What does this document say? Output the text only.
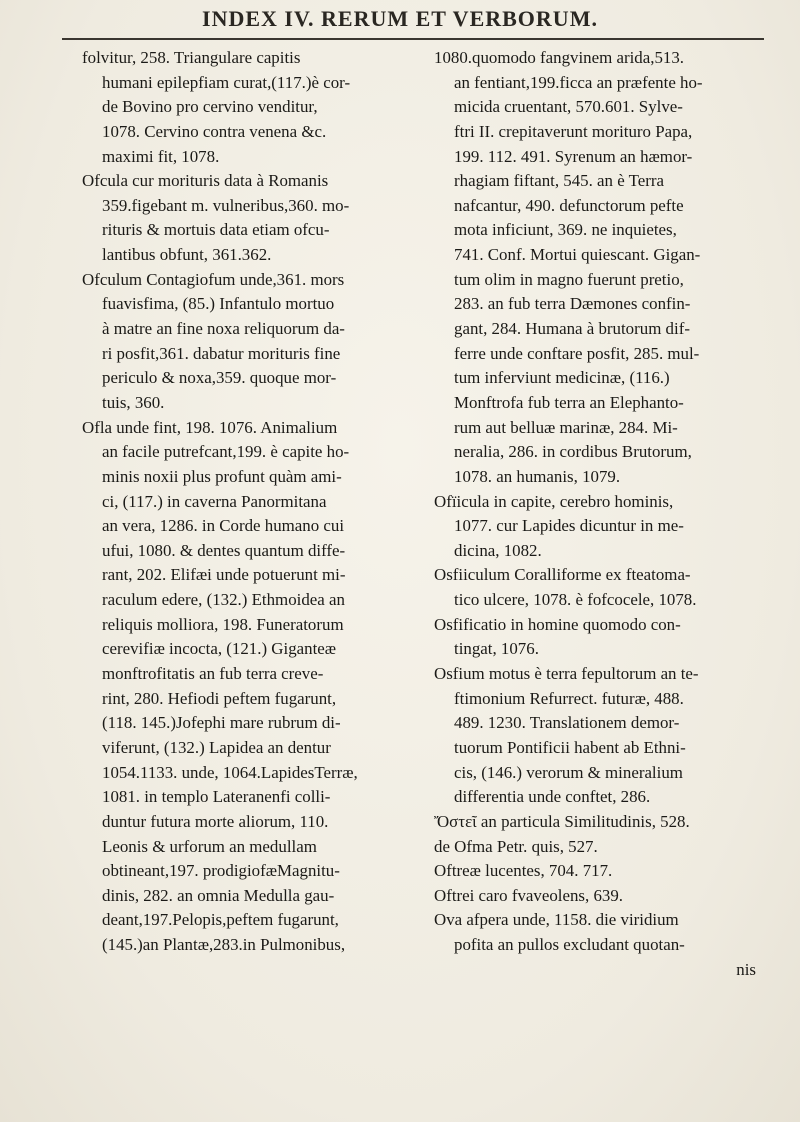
INDEX IV. RERUM ET VERBORUM.
folvitur, 258. Triangulare capitis
humani epilepfiam curat,(117.)è cor-
de Bovino pro cervino venditur,
1078. Cervino contra venena &c.
maximi fit, 1078.
Ofcula cur morituris data à Romanis
359.figebant m. vulneribus,360. mo-
rituris & mortuis data etiam ofcu-
lantibus obfunt, 361.362.
Ofculum Contagiofum unde,361. mors
fuavisfima, (85.) Infantulo mortuo
à matre an fine noxa reliquorum da-
ri posfit,361. dabatur morituris fine
periculo & noxa,359. quoque mor-
tuis, 360.
Ofla unde fint, 198. 1076. Animalium
an facile putrefcant,199. è capite ho-
minis noxii plus profunt quàm ami-
ci, (117.) in caverna Panormitana
an vera, 1286. in Corde humano cui
ufui, 1080. & dentes quantum diffe-
rant, 202. Elifæi unde potuerunt mi-
raculum edere, (132.) Ethmoidea an
reliquis molliora, 198. Funeratorum
cerevifiæ incocta, (121.) Giganteæ
monftrofitatis an fub terra creve-
rint, 280. Hefiodi peftem fugarunt,
(118. 145.)Jofephi mare rubrum di-
viferunt, (132.) Lapidea an dentur
1054.1133. unde, 1064.LapidesTerræ,
1081. in templo Lateranenfi colli-
duntur futura morte aliorum, 110.
Leonis & urforum an medullam
obtineant,197. prodigiofæMagnitu-
dinis, 282. an omnia Medulla gau-
deant,197.Pelopis,peftem fugarunt,
(145.)an Plantæ,283.in Pulmonibus,
1080.quomodo fangvinem arida,513.
an fentiant,199.ficca an præfente ho-
micida cruentant, 570.601. Sylve-
ftri II. crepitaverunt morituro Papa,
199. 112. 491. Syrenum an hæmor-
rhagiam fiftant, 545. an è Terra
nafcantur, 490. defunctorum pefte
mota inficiunt, 369. ne inquietes,
741. Conf. Mortui quiescant. Gigan-
tum olim in magno fuerunt pretio,
283. an fub terra Dæmones confin-
gant, 284. Humana à brutorum dif-
ferre unde conftare posfit, 285. mul-
tum inferviunt medicinæ, (116.)
Monftrofa fub terra an Elephanto-
rum aut belluæ marinæ, 284. Mi-
neralia, 286. in cordibus Brutorum,
1078. an humanis, 1079.
Ofïicula in capite, cerebro hominis,
1077. cur Lapides dicuntur in me-
dicina, 1082.
Osfiiculum Coralliforme ex fteatoma-
tico ulcere, 1078. è fofcocele, 1078.
Osfificatio in homine quomodo con-
tingat, 1076.
Osfium motus è terra fepultorum an te-
ftimonium Refurrect. futuræ, 488.
489. 1230. Translationem demor-
tuorum Pontificii habent ab Ethni-
cis, (146.) verorum & mineralium
differentia unde conftet, 286.
Ὄστεῖ an particula Similitudinis, 528.
de Ofma Petr. quis, 527.
Oftreæ lucentes, 704. 717.
Oftrei caro fvaveolens, 639.
Ova afpera unde, 1158. die viridium
pofita an pullos excludant quotan-
nis
